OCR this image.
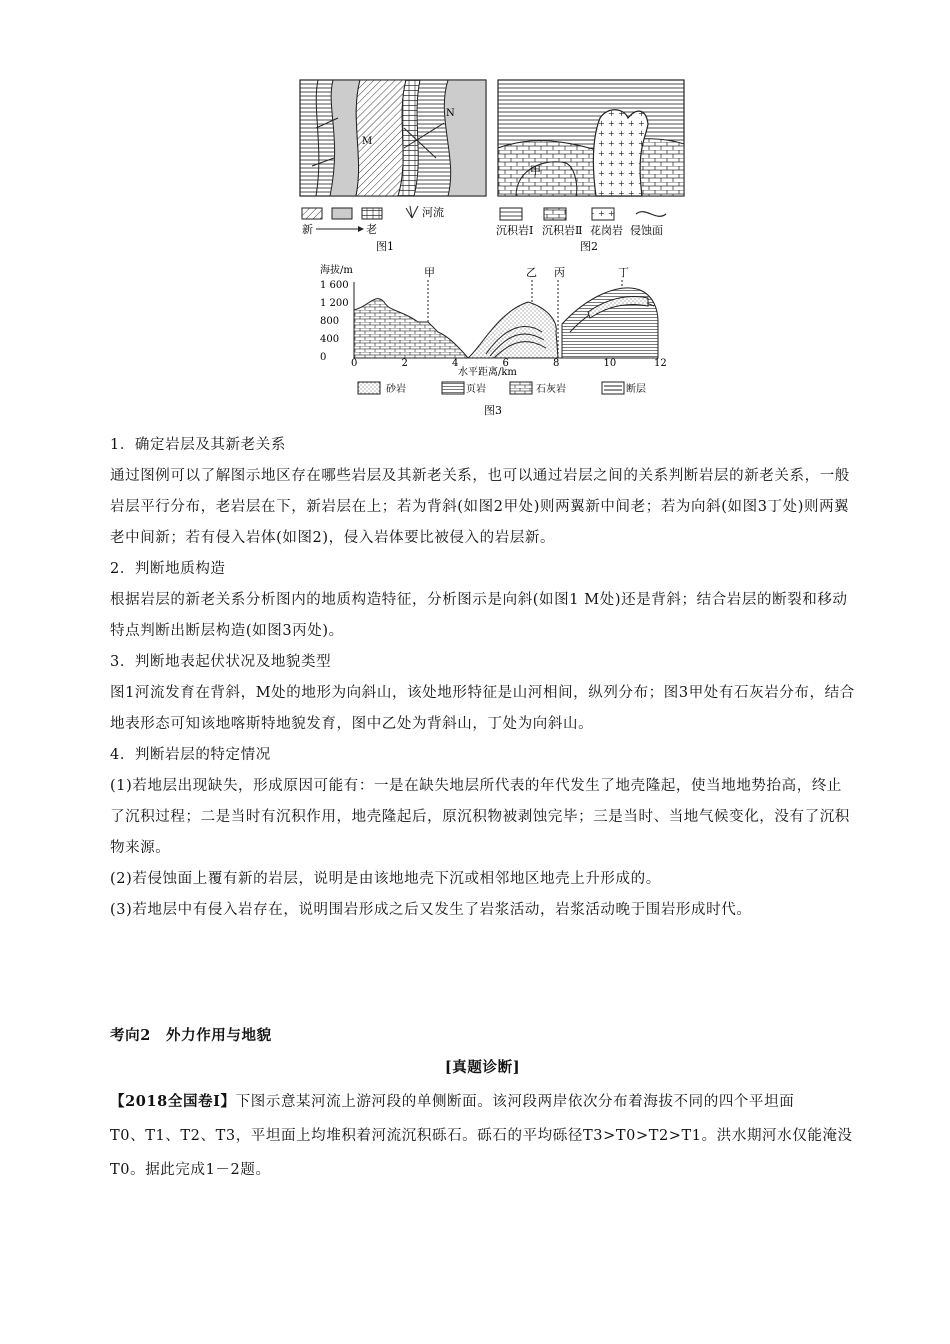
M
N
新	老
河流
图1
甲
沉积岩Ⅰ 沉积岩Ⅱ 花岗岩 侵蚀面
图2
海拔/m
1 600
1 200
800
400
0
0	2	4	6	8	10	12
甲	乙 丙	丁
水平距离/km
砂岩	页岩	石灰岩	断层
图3
1．确定岩层及其新老关系
通过图例可以了解图示地区存在哪些岩层及其新老关系，也可以通过岩层之间的关系判断岩层的新老关系，一般岩层平行分布，老岩层在下，新岩层在上；若为背斜(如图2甲处)则两翼新中间老；若为向斜(如图3丁处)则两翼老中间新；若有侵入岩体(如图2)，侵入岩体要比被侵入的岩层新。
2．判断地质构造
根据岩层的新老关系分析图内的地质构造特征，分析图示是向斜(如图1 M处)还是背斜；结合岩层的断裂和移动特点判断出断层构造(如图3丙处)。
3．判断地表起伏状况及地貌类型
图1河流发育在背斜，M处的地形为向斜山，该处地形特征是山河相间，纵列分布；图3甲处有石灰岩分布，结合地表形态可知该地喀斯特地貌发育，图中乙处为背斜山，丁处为向斜山。
4．判断岩层的特定情况
(1)若地层出现缺失，形成原因可能有：一是在缺失地层所代表的年代发生了地壳隆起，使当地地势抬高，终止了沉积过程；二是当时有沉积作用，地壳隆起后，原沉积物被剥蚀完毕；三是当时、当地气候变化，没有了沉积物来源。
(2)若侵蚀面上覆有新的岩层，说明是由该地地壳下沉或相邻地区地壳上升形成的。
(3)若地层中有侵入岩存在，说明围岩形成之后又发生了岩浆活动，岩浆活动晚于围岩形成时代。
考向2　外力作用与地貌
[真题诊断]
【2018全国卷Ⅰ】下图示意某河流上游河段的单侧断面。该河段两岸依次分布着海拔不同的四个平坦面
T0、T1、T2、T3，平坦面上均堆积着河流沉积砾石。砾石的平均砾径T3>T0>T2>T1。洪水期河水仅能淹没T0。据此完成1－2题。
